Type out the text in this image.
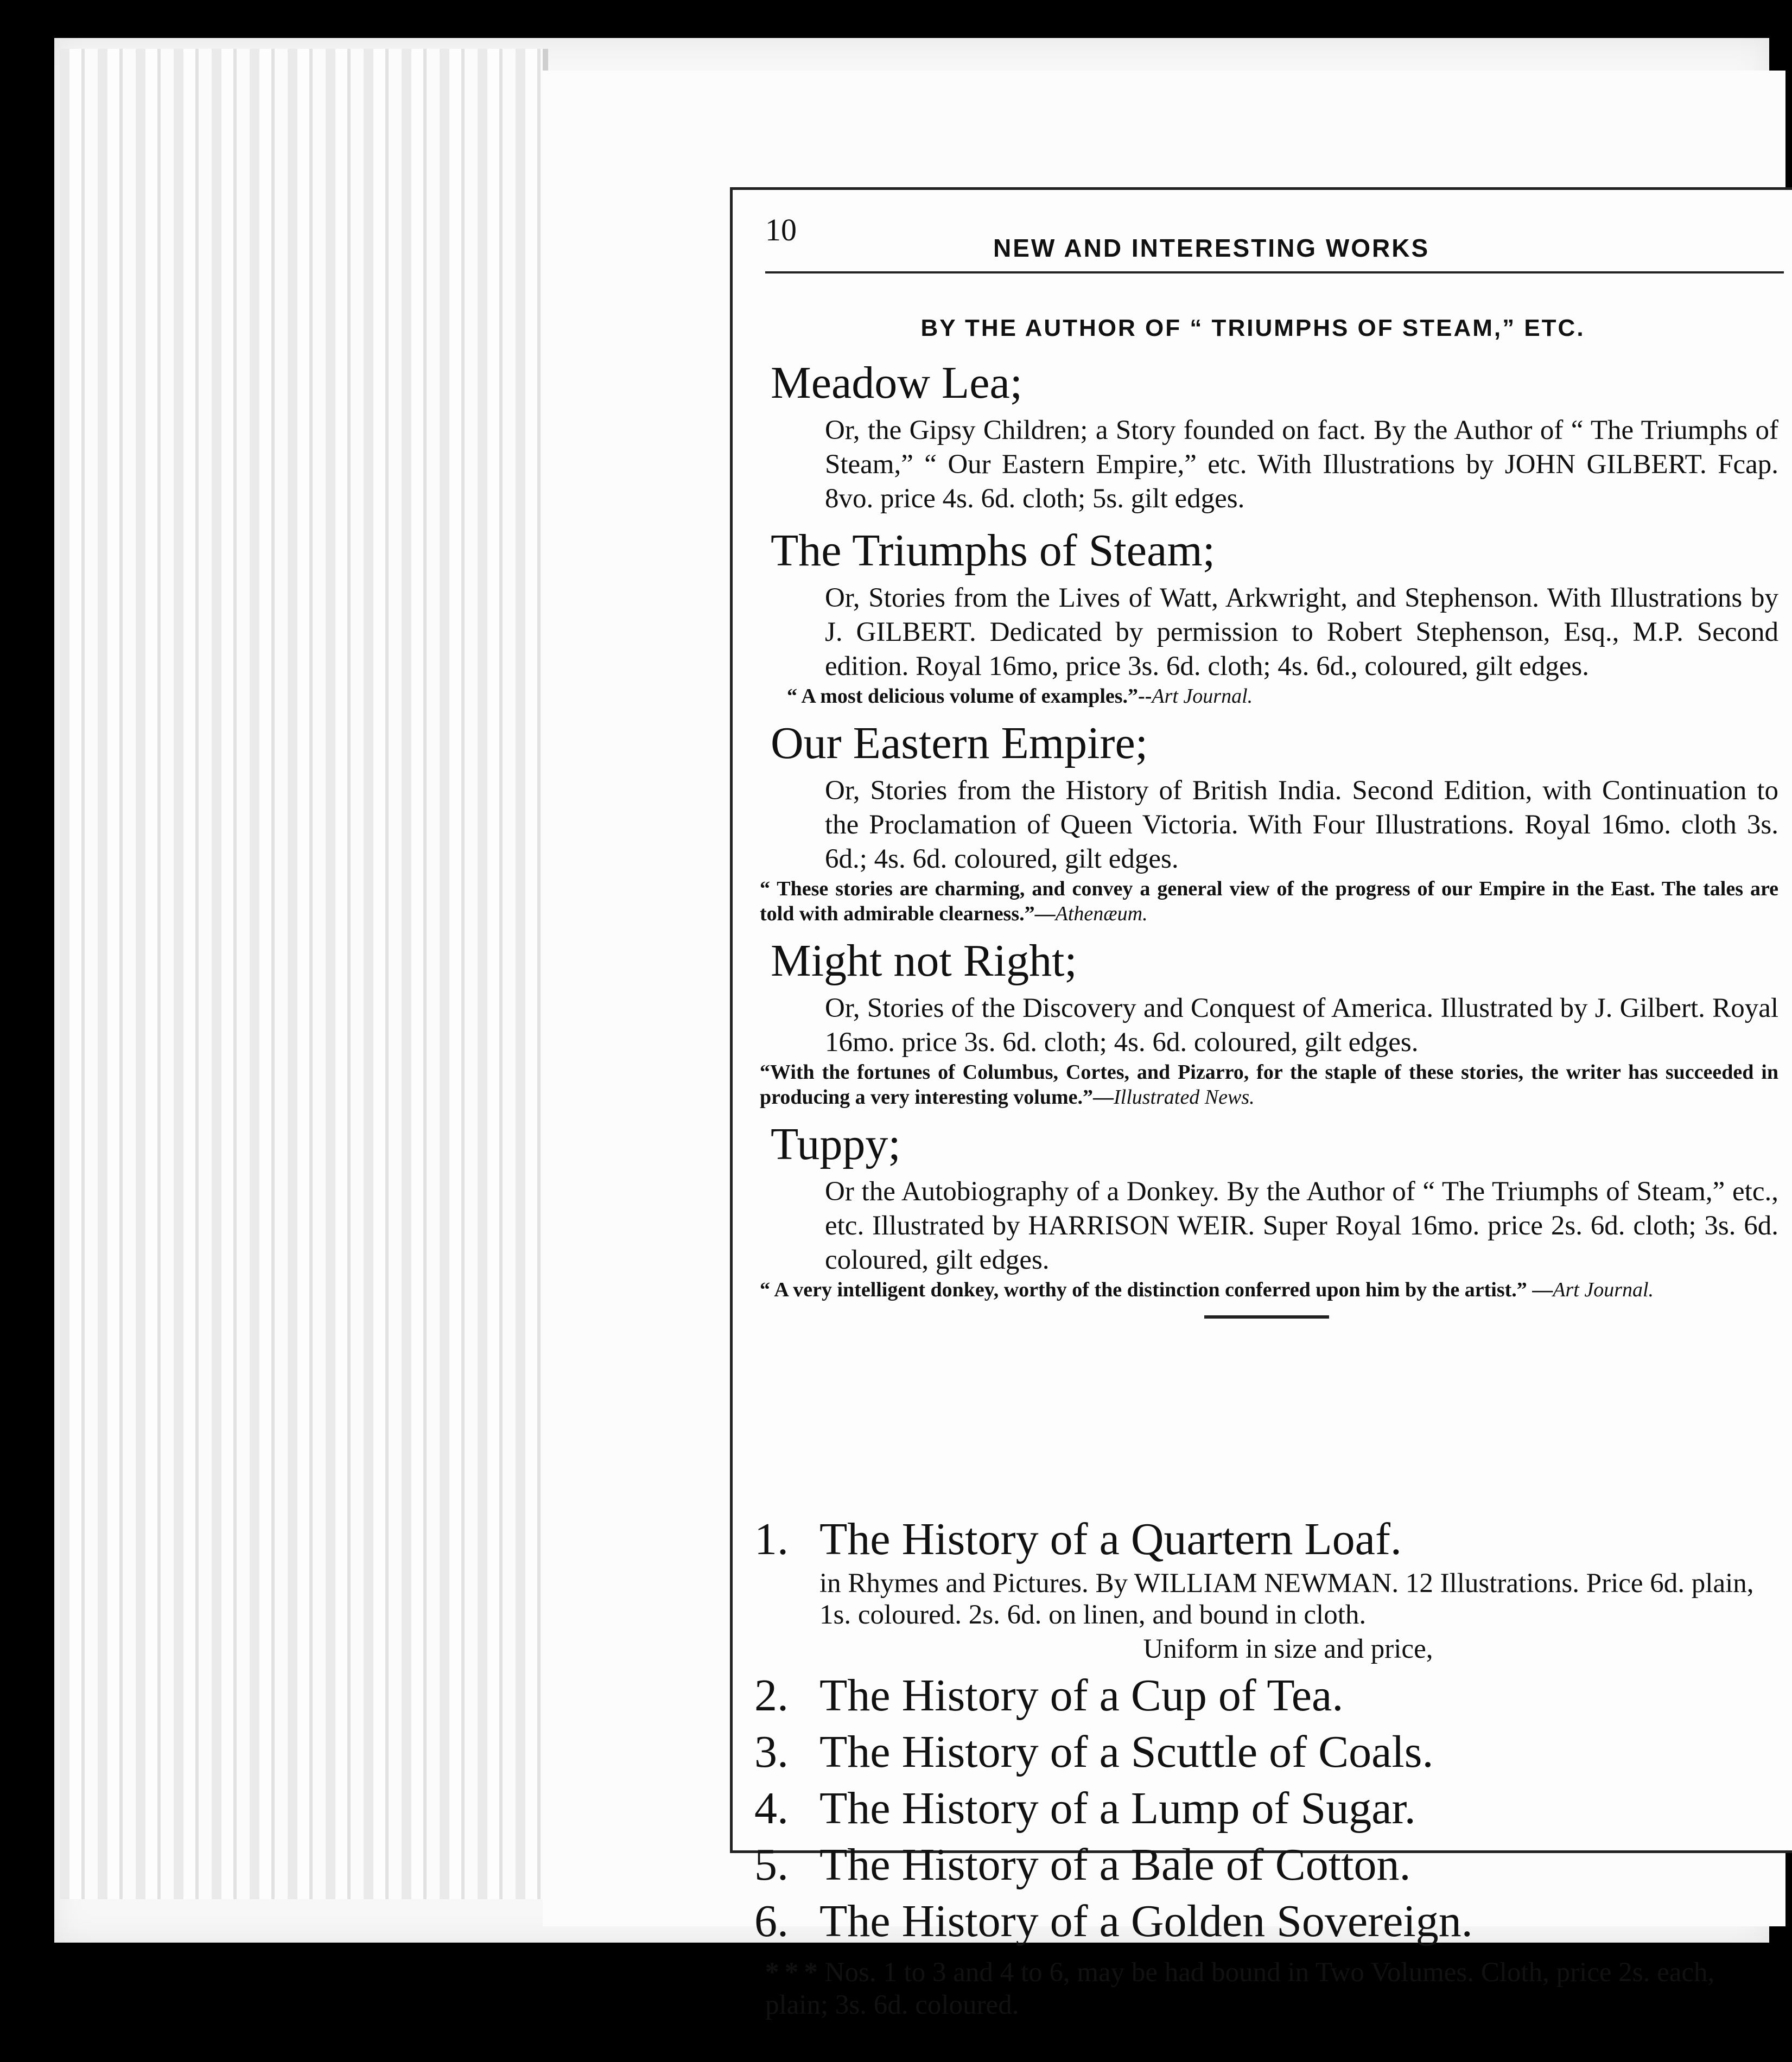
10
NEW AND INTERESTING WORKS
BY THE AUTHOR OF “ TRIUMPHS OF STEAM,” ETC.
Meadow Lea;
Or, the Gipsy Children; a Story founded on fact. By the Author of “ The Triumphs of Steam,” “ Our Eastern Empire,” etc. With Illustrations by JOHN GILBERT. Fcap. 8vo. price 4s. 6d. cloth; 5s. gilt edges.
The Triumphs of Steam;
Or, Stories from the Lives of Watt, Arkwright, and Stephenson. With Illustrations by J. GILBERT. Dedicated by permission to Robert Stephenson, Esq., M.P. Second edition. Royal 16mo, price 3s. 6d. cloth; 4s. 6d., coloured, gilt edges.
“ A most delicious volume of examples.”--Art Journal.
Our Eastern Empire;
Or, Stories from the History of British India. Second Edition, with Continuation to the Proclamation of Queen Victoria. With Four Illustrations. Royal 16mo. cloth 3s. 6d.; 4s. 6d. coloured, gilt edges.
“ These stories are charming, and convey a general view of the progress of our Empire in the East. The tales are told with admirable clearness.”—Athenæum.
Might not Right;
Or, Stories of the Discovery and Conquest of America. Illustrated by J. Gilbert. Royal 16mo. price 3s. 6d. cloth; 4s. 6d. coloured, gilt edges.
“With the fortunes of Columbus, Cortes, and Pizarro, for the staple of these stories, the writer has succeeded in producing a very interesting volume.”—Illustrated News.
Tuppy;
Or the Autobiography of a Donkey. By the Author of “ The Triumphs of Steam,” etc., etc. Illustrated by HARRISON WEIR. Super Royal 16mo. price 2s. 6d. cloth; 3s. 6d. coloured, gilt edges.
“ A very intelligent donkey, worthy of the distinction conferred upon him by the artist.” —Art Journal.
1. The History of a Quartern Loaf.
in Rhymes and Pictures. By WILLIAM NEWMAN. 12 Illustrations. Price 6d. plain, 1s. coloured. 2s. 6d. on linen, and bound in cloth.
Uniform in size and price,
2. The History of a Cup of Tea.
3. The History of a Scuttle of Coals.
4. The History of a Lump of Sugar.
5. The History of a Bale of Cotton.
6. The History of a Golden Sovereign.
* * * Nos. 1 to 3 and 4 to 6, may be had bound in Two Volumes. Cloth, price 2s. each, plain; 3s. 6d. coloured.
